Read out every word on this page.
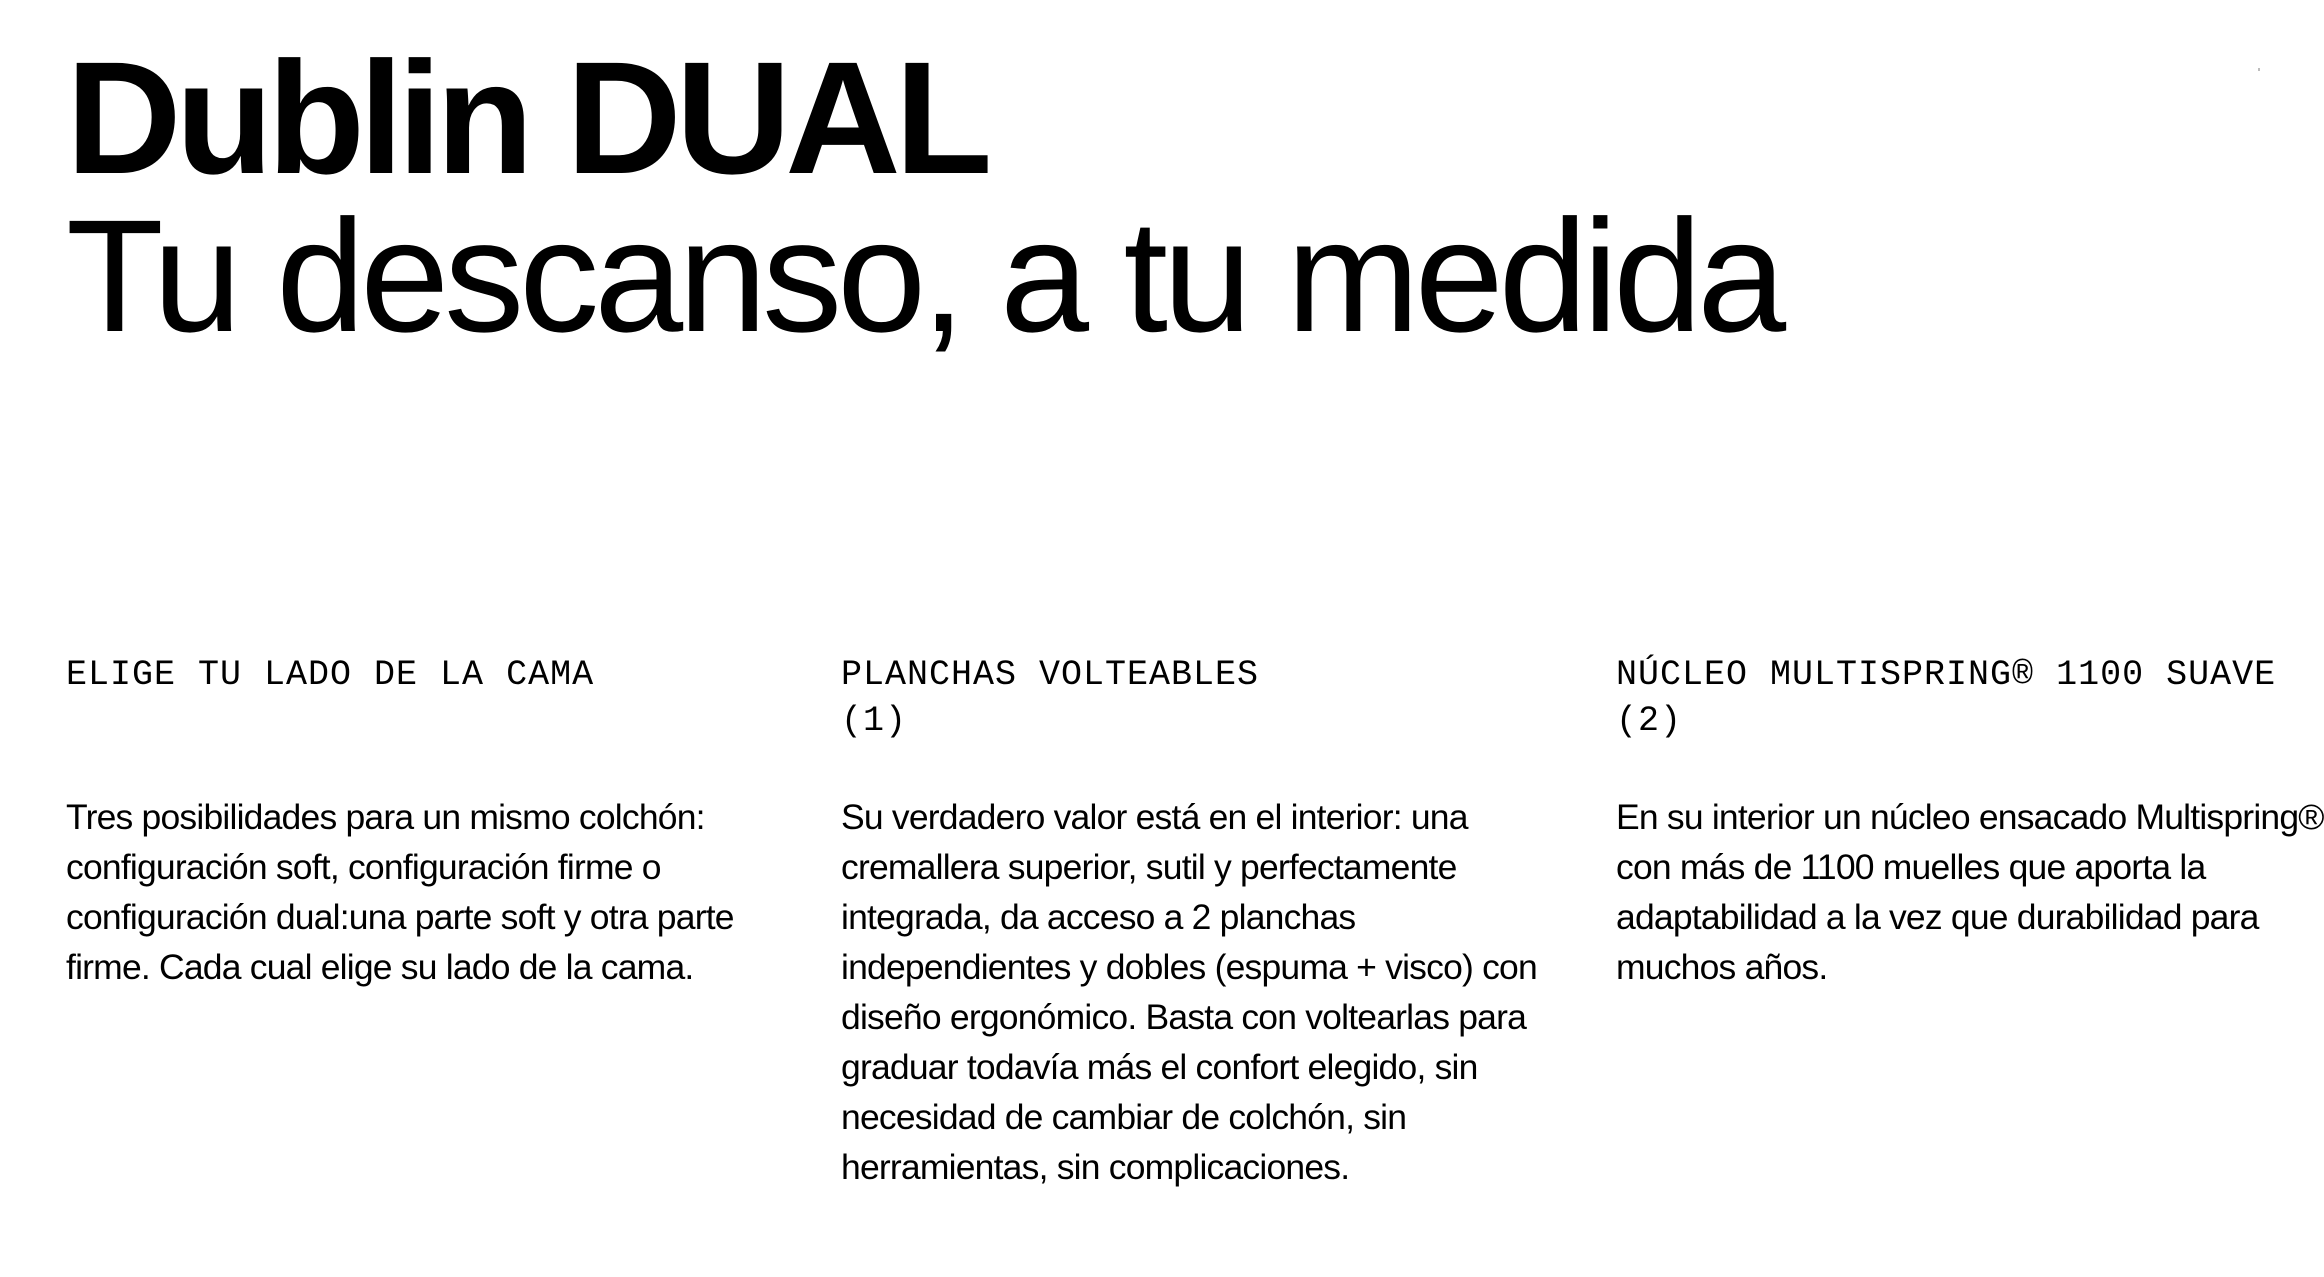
Dublin DUAL
Tu descanso, a tu medida
ELIGE TU LADO DE LA CAMA

Tres posibilidades para un mismo colchón: configuración soft, configuración firme o configuración dual:una parte soft y otra parte firme. Cada cual elige su lado de la cama.

PLANCHAS VOLTEABLES
(1)

Su verdadero valor está en el interior: una cremallera superior, sutil y perfectamente integrada, da acceso a 2 planchas independientes y dobles (espuma + visco) con diseño ergonómico. Basta con voltearlas para graduar todavía más el confort elegido, sin necesidad de cambiar de colchón, sin herramientas, sin complicaciones.

NÚCLEO MULTISPRING® 1100 SUAVE
(2)

En su interior un núcleo ensacado Multispring® con más de 1100 muelles que aporta la adaptabilidad a la vez que durabilidad para muchos años.
